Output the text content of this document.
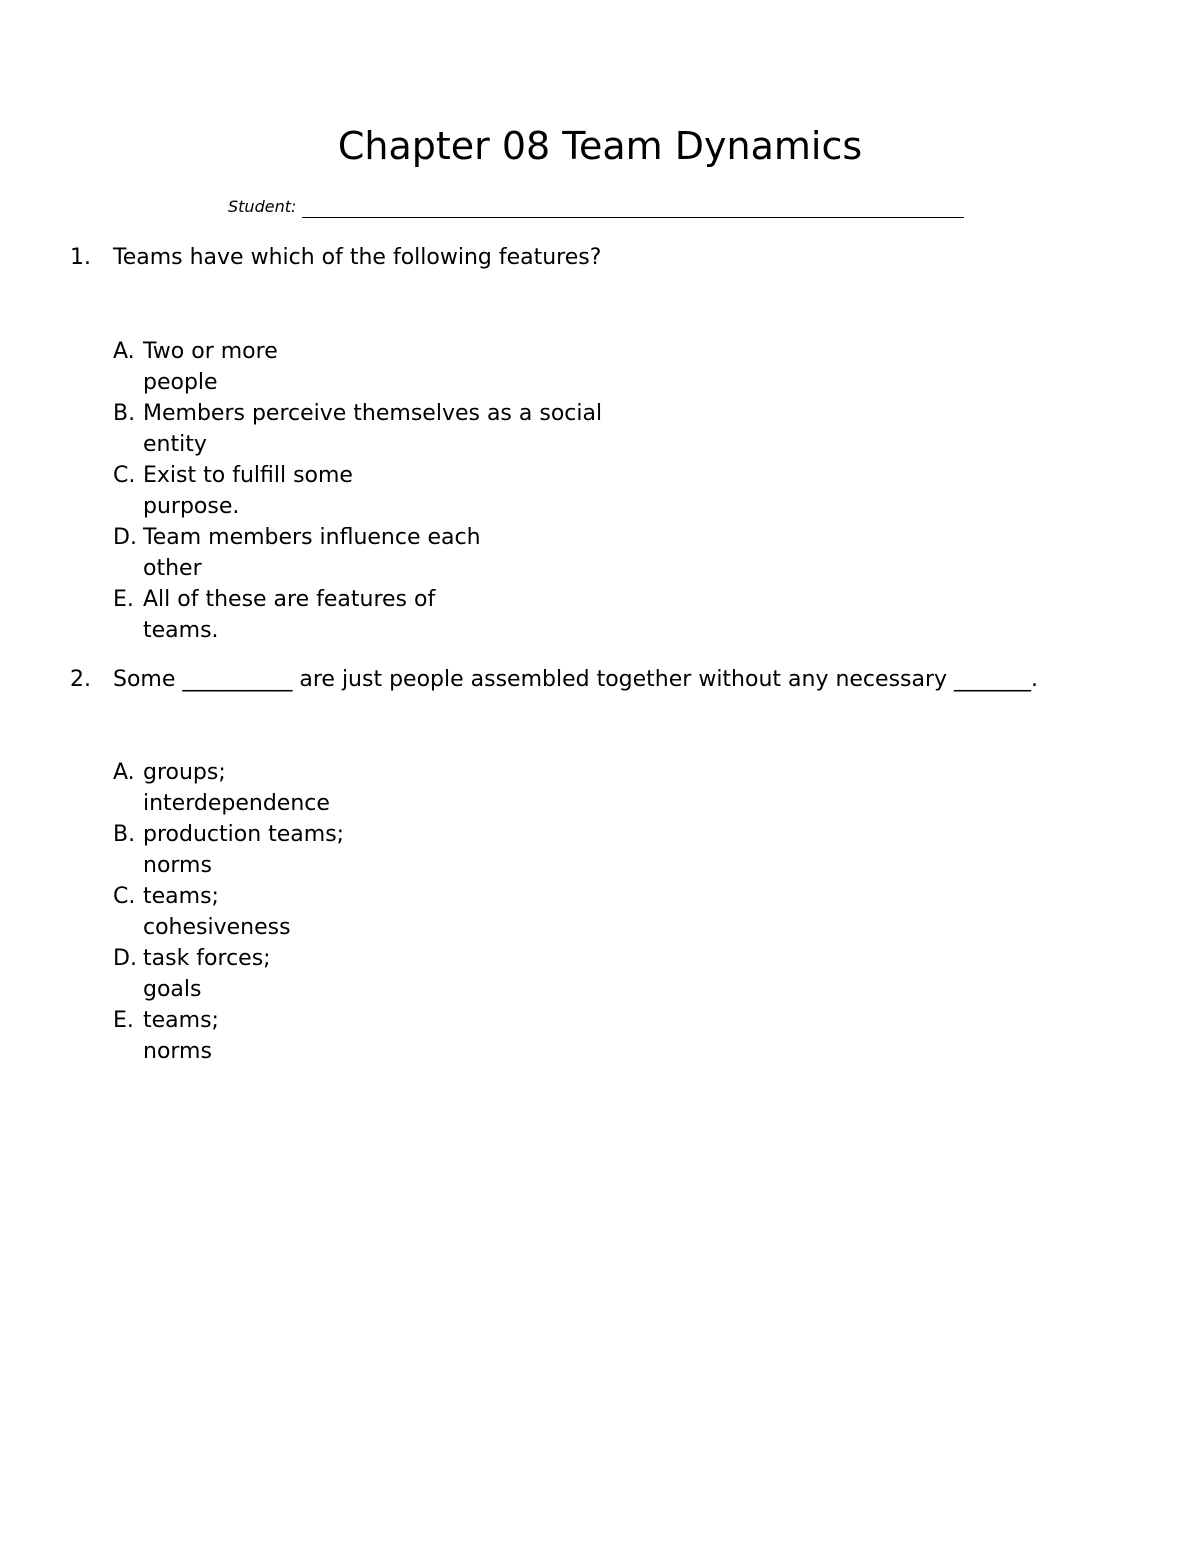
Chapter 08 Team Dynamics
Student:
1. Teams have which of the following features?
A. Two or more
people
B. Members perceive themselves as a social
entity
C. Exist to fulfill some
purpose.
D. Team members influence each
other
E. All of these are features of
teams.
2. Some __________ are just people assembled together without any necessary _______.
A. groups;
interdependence
B. production teams;
norms
C. teams;
cohesiveness
D. task forces;
goals
E. teams;
norms
